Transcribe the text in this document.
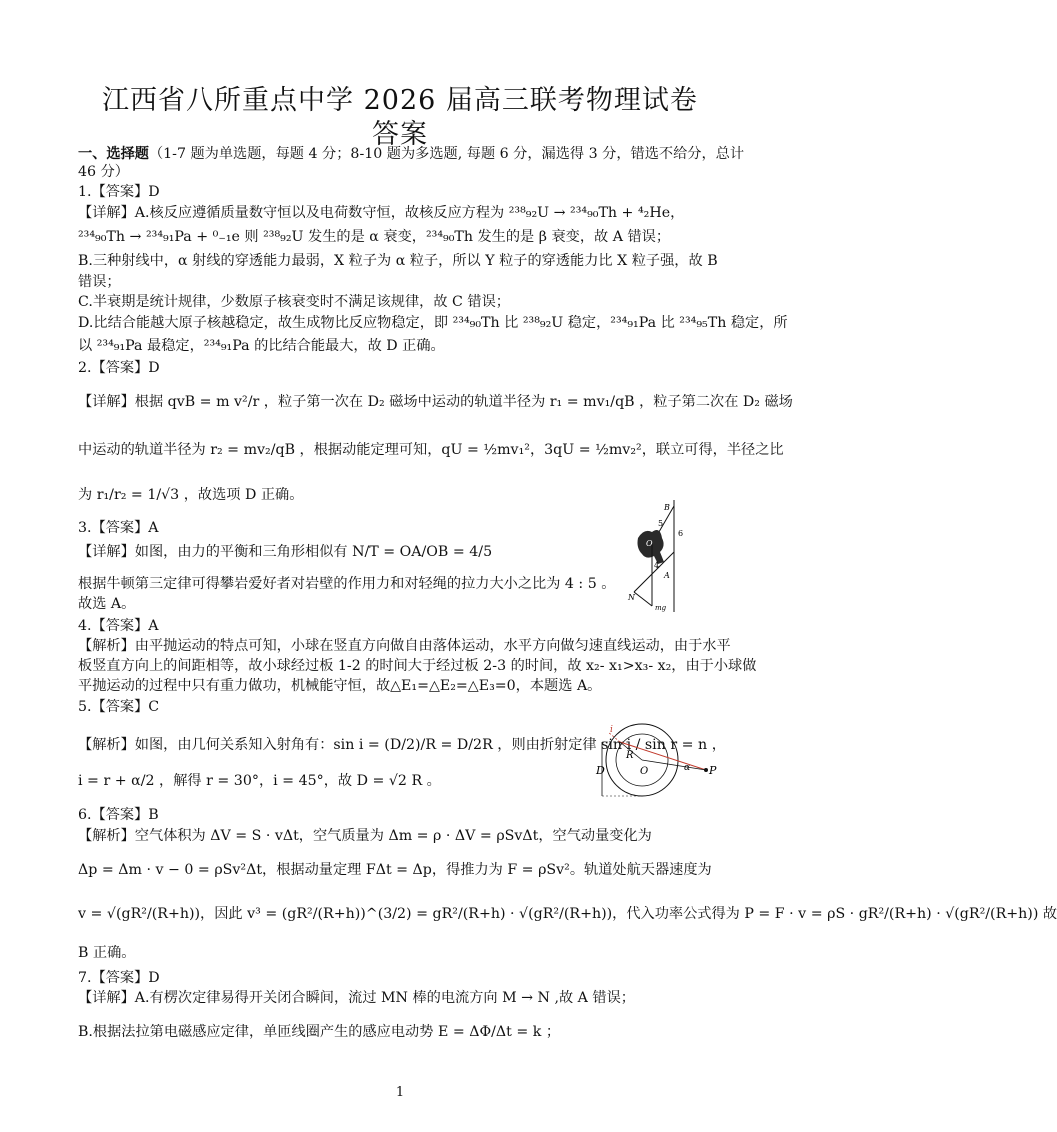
江西省八所重点中学 2026 届高三联考物理试卷
答案
一、选择题（1-7 题为单选题，每题 4 分；8-10 题为多选题, 每题 6 分，漏选得 3 分，错选不给分，总计
46 分）
1.【答案】D
【详解】A.核反应遵循质量数守恒以及电荷数守恒，故核反应方程为 ²³⁸₉₂U → ²³⁴₉₀Th + ⁴₂He，
²³⁴₉₀Th → ²³⁴₉₁Pa + ⁰₋₁e 则 ²³⁸₉₂U 发生的是 α 衰变，²³⁴₉₀Th 发生的是 β 衰变，故 A 错误；
B.三种射线中，α 射线的穿透能力最弱，X 粒子为 α 粒子，所以 Y 粒子的穿透能力比 X 粒子强，故 B
错误；
C.半衰期是统计规律，少数原子核衰变时不满足该规律，故 C 错误；
D.比结合能越大原子核越稳定，故生成物比反应物稳定，即 ²³⁴₉₀Th 比 ²³⁸₉₂U 稳定，²³⁴₉₁Pa 比 ²³⁴₉₅Th 稳定，所
以 ²³⁴₉₁Pa 最稳定，²³⁴₉₁Pa 的比结合能最大，故 D 正确。
2.【答案】D
【详解】根据 qvB = m v²/r ，粒子第一次在 D₂ 磁场中运动的轨道半径为 r₁ = mv₁/qB ，粒子第二次在 D₂ 磁场
中运动的轨道半径为 r₂ = mv₂/qB ，根据动能定理可知，qU = ½mv₁²，3qU = ½mv₂²，联立可得，半径之比
为 r₁/r₂ = 1/√3 ，故选项 D 正确。
3.【答案】A
【详解】如图，由力的平衡和三角形相似有 N/T = OA/OB = 4/5
根据牛顿第三定律可得攀岩爱好者对岩壁的作用力和对轻绳的拉力大小之比为 4 : 5 。
故选 A。
B
5
6
O
4
A
N
mg
4.【答案】A
【解析】由平抛运动的特点可知，小球在竖直方向做自由落体运动，水平方向做匀速直线运动，由于水平
板竖直方向上的间距相等，故小球经过板 1-2 的时间大于经过板 2-3 的时间，故 x₂- x₁>x₃- x₂，由于小球做
平抛运动的过程中只有重力做功，机械能守恒，故△E₁=△E₂=△E₃=0，本题选 A。
5.【答案】C
【解析】如图，由几何关系知入射角有：sin i = (D/2)/R = D/2R ，则由折射定律 sin i / sin r = n ，
i = r + α/2 ，解得 r = 30°，i = 45°，故 D = √2 R 。
D
R
O	P
i
α
6.【答案】B
【解析】空气体积为 ΔV = S · vΔt，空气质量为 Δm = ρ · ΔV = ρSvΔt，空气动量变化为
Δp = Δm · v − 0 = ρSv²Δt，根据动量定理 FΔt = Δp，得推力为 F = ρSv²。轨道处航天器速度为
v = √(gR²/(R+h))，因此 v³ = (gR²/(R+h))^(3/2) = gR²/(R+h) · √(gR²/(R+h))，代入功率公式得为 P = F · v = ρS · gR²/(R+h) · √(gR²/(R+h)) 故
B 正确。
7.【答案】D
【详解】A.有楞次定律易得开关闭合瞬间，流过 MN 棒的电流方向 M → N ,故 A 错误；
B.根据法拉第电磁感应定律，单匝线圈产生的感应电动势 E = ΔΦ/Δt = k ；
1
